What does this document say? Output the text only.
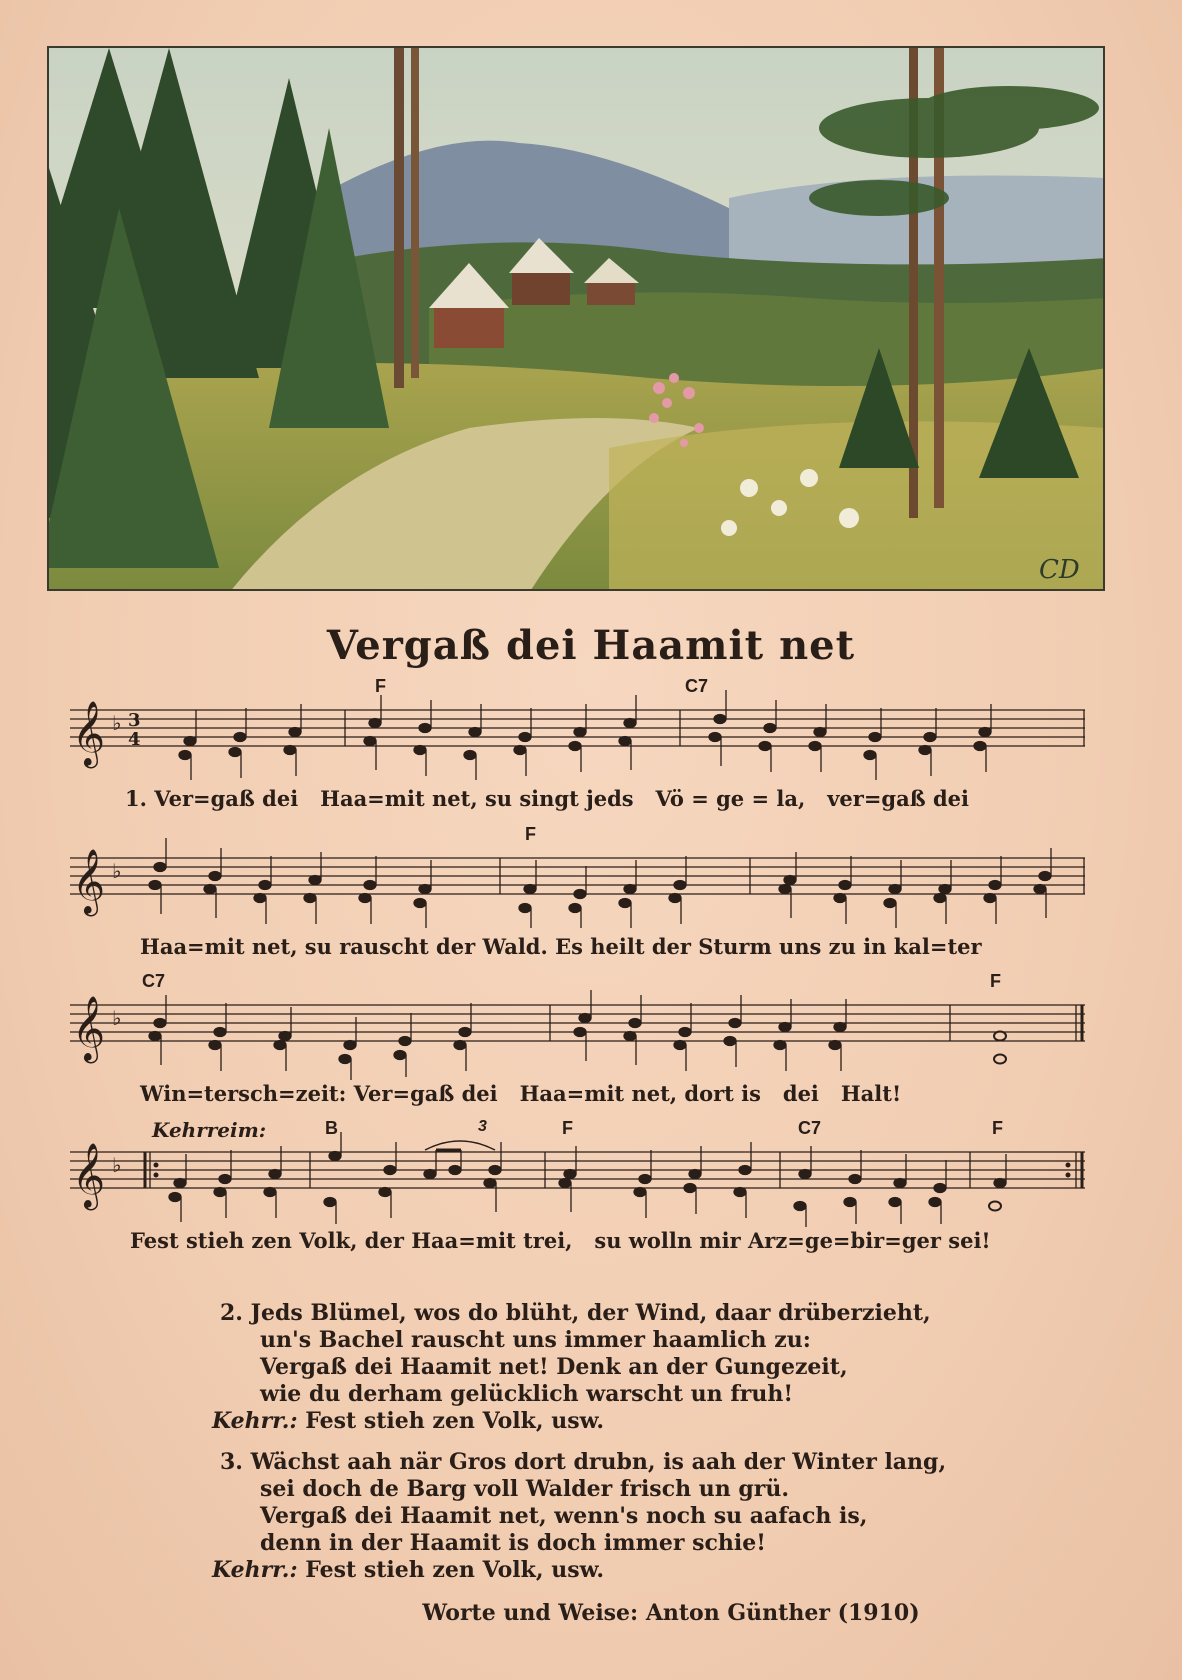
CD
Vergaß dei Haamit net
F	C7
𝄞 ♭ 3
4
1. Ver=gaß dei   Haa=mit net, su singt jeds   Vö = ge = la,   ver=gaß dei
F
𝄞 ♭
Haa=mit net, su rauscht der Wald. Es heilt der Sturm uns zu in kal=ter
C7	F
𝄞 ♭
Win=tersch=zeit: Ver=gaß dei   Haa=mit net, dort is   dei   Halt!
Kehrreim:	B	F	C7	F
3
𝄞 ♭
Fest stieh zen Volk, der Haa=mit trei,   su wolln mir Arz=ge=bir=ger sei!
2. Jeds Blümel, wos do blüht, der Wind, daar drüberzieht,
un's Bachel rauscht uns immer haamlich zu:
Vergaß dei Haamit net! Denk an der Gungezeit,
wie du derham gelücklich warscht un fruh!
Kehrr.: Fest stieh zen Volk, usw.
3. Wächst aah när Gros dort drubn, is aah der Winter lang,
sei doch de Barg voll Walder frisch un grü.
Vergaß dei Haamit net, wenn's noch su aafach is,
denn in der Haamit is doch immer schie!
Kehrr.: Fest stieh zen Volk, usw.
Worte und Weise: Anton Günther (1910)
